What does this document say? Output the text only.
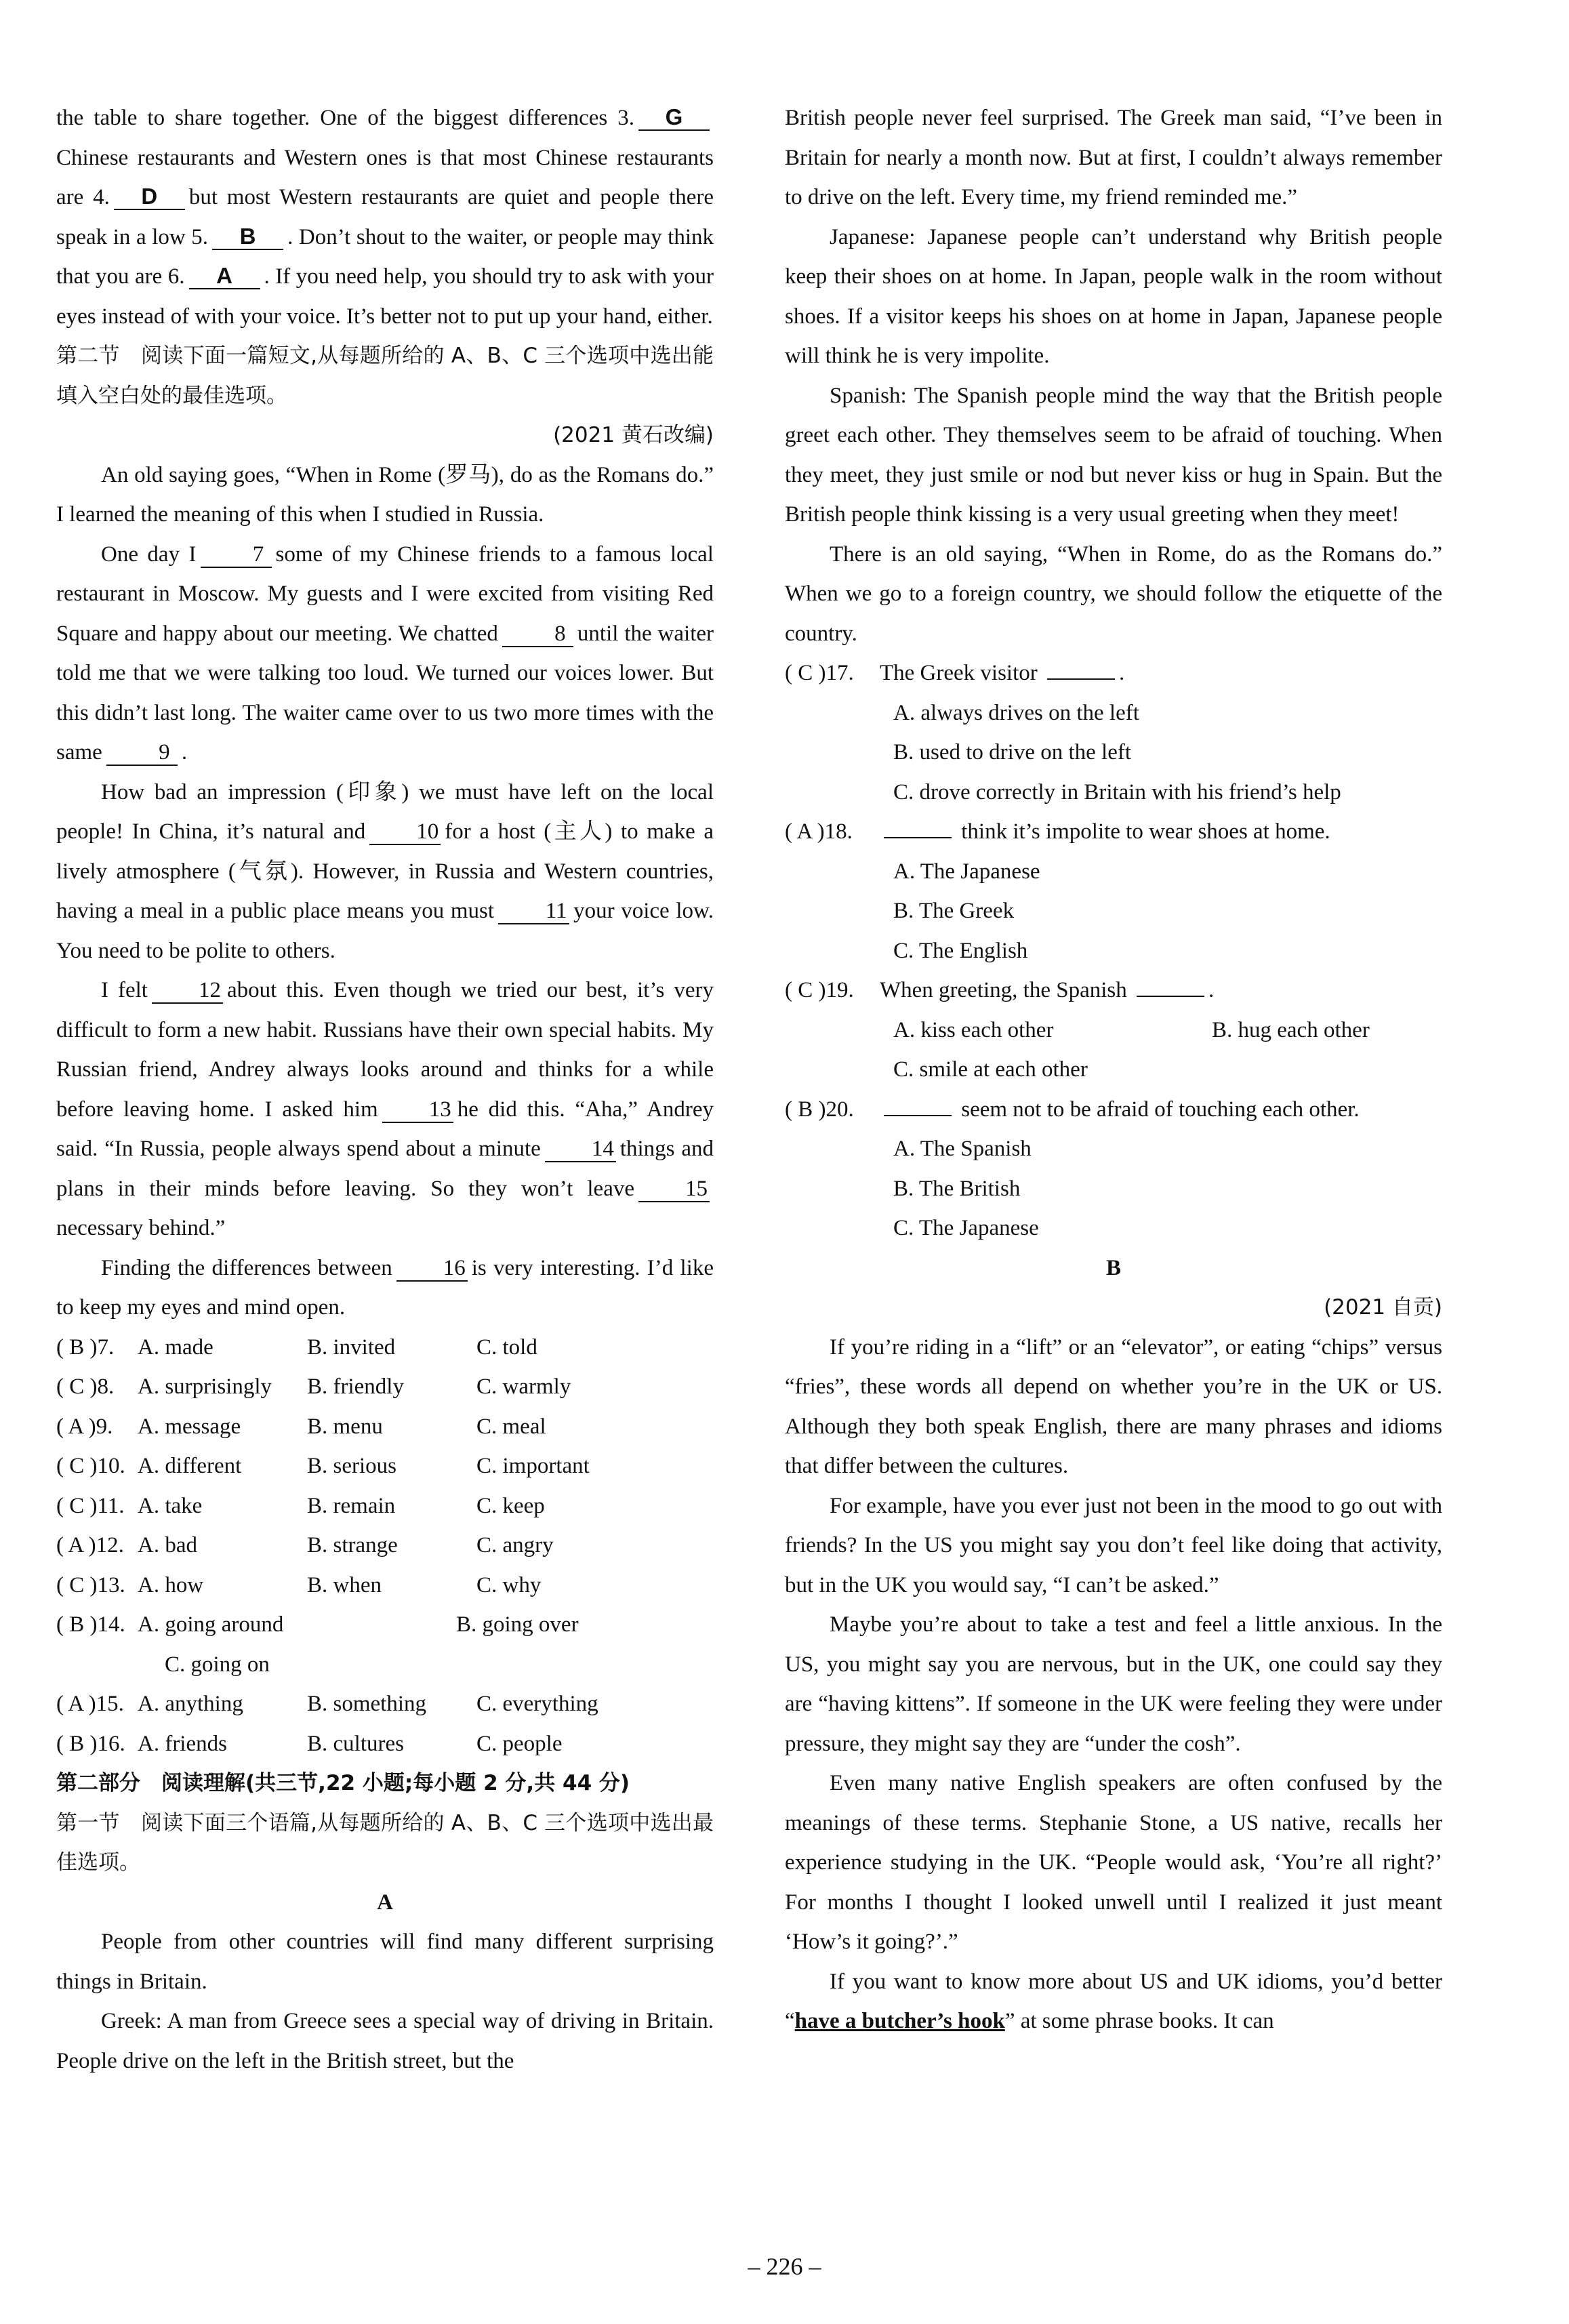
the table to share together. One of the biggest differences 3. GChinese restaurants and Western ones is that most Chinese restaurants are 4. D but most Western restaurants are quiet and people there speak in a low 5. B . Don’t shout to the waiter, or people may think that you are 6. A . If you need help, you should try to ask with your eyes instead of with your voice. It’s better not to put up your hand, either.

第二节　阅读下面一篇短文,从每题所给的 A、B、C 三个选项中选出能填入空白处的最佳选项。

(2021 黄石改编)

An old saying goes, “When in Rome (罗马), do as the Romans do.” I learned the meaning of this when I studied in Russia.

One day I	7 some of my Chinese friends to a famous local restaurant in Moscow. My guests and I were excited from visiting Red Square and happy about our meeting. We chatted	8 until the waiter told me that we were talking too loud. We turned our voices lower. But this didn’t last long. The waiter came over to us two more times with the same	9 .

How bad an impression (印象) we must have left on the local people! In China, it’s natural and 10 for a host (主人) to make a lively atmosphere (气氛). However, in Russia and Western countries, having a meal in a public place means you must 11 your voice low. You need to be polite to others.

I felt 12 about this. Even though we tried our best, it’s very difficult to form a new habit. Russians have their own special habits. My Russian friend, Andrey always looks around and thinks for a while before leaving home. I asked him 13 he did this. “Aha,” Andrey said. “In Russia, people always spend about a minute 14 things and plans in their minds before leaving. So they won’t leave 15necessary behind.”

Finding the differences between 16 is very interesting. I’d like to keep my eyes and mind open.

( B )7.	A. made	B. invited	C. told
( C )8.	A. surprisingly	B. friendly	C. warmly
( A )9.	A. message	B. menu	C. meal
( C )10. A. different	B. serious	C. important
( C )11. A. take	B. remain	C. keep
( A )12. A. bad	B. strange	C. angry
( C )13. A. how	B. when	C. why
( B )14. A. going around	B. going over
C. going on
( A )15. A. anything	B. something	C. everything
( B )16. A. friends	B. cultures	C. people

第二部分　阅读理解(共三节,22 小题;每小题 2 分,共 44 分)

第一节　阅读下面三个语篇,从每题所给的 A、B、C 三个选项中选出最佳选项。

A

People from other countries will find many different surprising things in Britain.

Greek: A man from Greece sees a special way of driving in Britain. People drive on the left in the British street, but the

British people never feel surprised. The Greek man said, “I’ve been in Britain for nearly a month now. But at first, I couldn’t always remember to drive on the left. Every time, my friend reminded me.”

Japanese: Japanese people can’t understand why British people keep their shoes on at home. In Japan, people walk in the room without shoes. If a visitor keeps his shoes on at home in Japan, Japanese people will think he is very impolite.

Spanish: The Spanish people mind the way that the British people greet each other. They themselves seem to be afraid of touching. When they meet, they just smile or nod but never kiss or hug in Spain. But the British people think kissing is a very usual greeting when they meet!

There is an old saying, “When in Rome, do as the Romans do.” When we go to a foreign country, we should follow the etiquette of the country.

( C )17.	The Greek visitor	.
A. always drives on the left
B. used to drive on the left
C. drove correctly in Britain with his friend’s help
( A )18.	think it’s impolite to wear shoes at home.
A. The Japanese
B. The Greek
C. The English
( C )19.	When greeting, the Spanish	.
A. kiss each other	B. hug each other
C. smile at each other
( B )20.	seem not to be afraid of touching each other.
A. The Spanish
B. The British
C. The Japanese

B

(2021 自贡)

If you’re riding in a “lift” or an “elevator”, or eating “chips” versus “fries”, these words all depend on whether you’re in the UK or US. Although they both speak English, there are many phrases and idioms that differ between the cultures.

For example, have you ever just not been in the mood to go out with friends? In the US you might say you don’t feel like doing that activity, but in the UK you would say, “I can’t be asked.”

Maybe you’re about to take a test and feel a little anxious. In the US, you might say you are nervous, but in the UK, one could say they are “having kittens”. If someone in the UK were feeling they were under pressure, they might say they are “under the cosh”.

Even many native English speakers are often confused by the meanings of these terms. Stephanie Stone, a US native, recalls her experience studying in the UK. “People would ask, ‘You’re all right?’ For months I thought I looked unwell until I realized it just meant ‘How’s it going?’.”

If you want to know more about US and UK idioms, you’d better “have a butcher’s hook” at some phrase books. It can

– 226 –
